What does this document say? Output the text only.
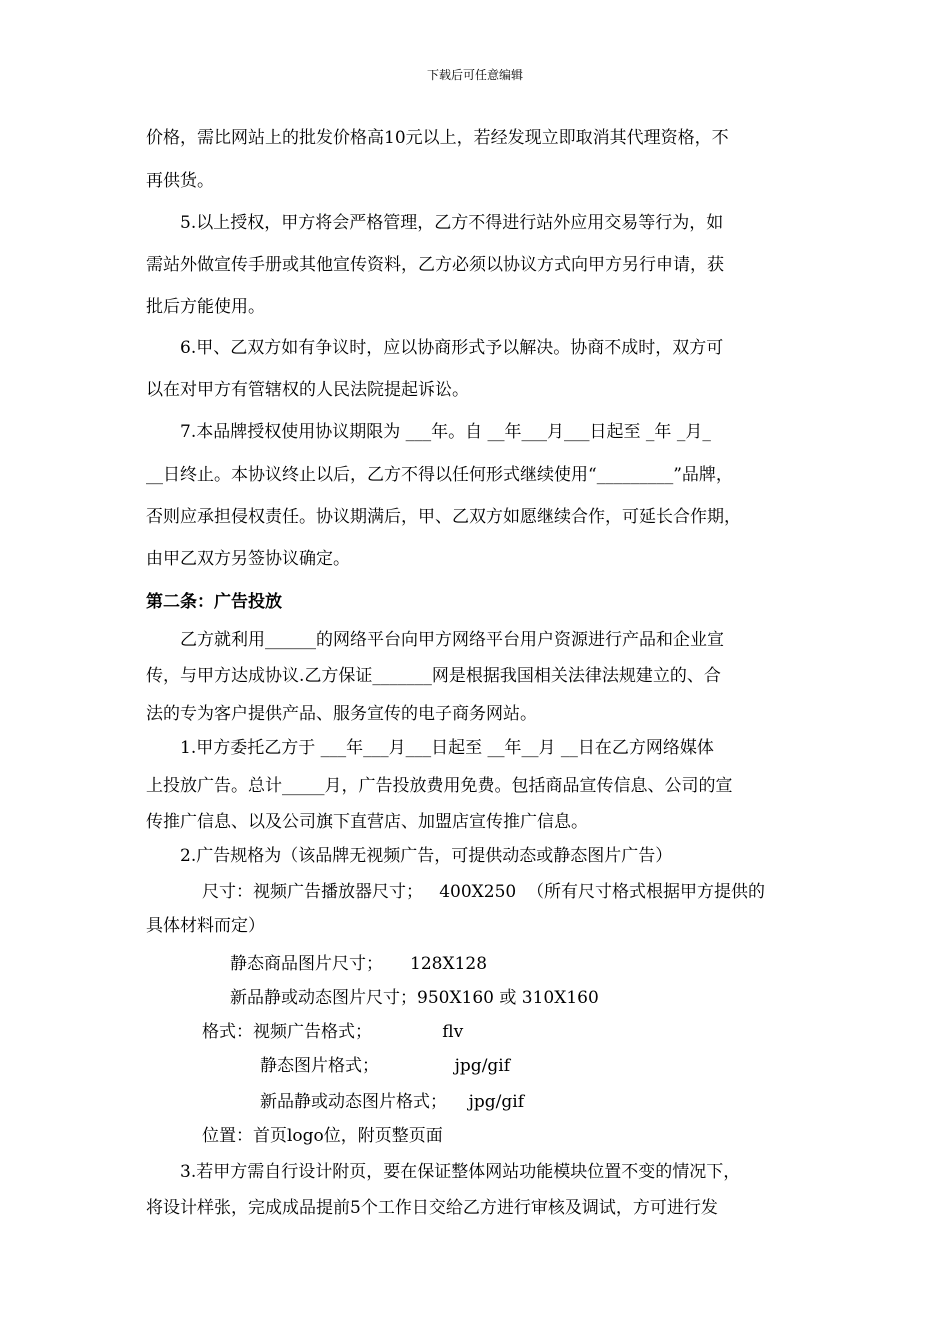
下载后可任意编辑
价格，需比网站上的批发价格高10元以上，若经发现立即取消其代理资格，不
再供货。
5.以上授权，甲方将会严格管理，乙方不得进行站外应用交易等行为，如
需站外做宣传手册或其他宣传资料，乙方必须以协议方式向甲方另行申请，获
批后方能使用。
6.甲、乙双方如有争议时，应以协商形式予以解决。协商不成时，双方可
以在对甲方有管辖权的人民法院提起诉讼。
7.本品牌授权使用协议期限为 ___年。自 __年___月___日起至 _年 _月_
__日终止。本协议终止以后，乙方不得以任何形式继续使用“_________”品牌，
否则应承担侵权责任。协议期满后，甲、乙双方如愿继续合作，可延长合作期，
由甲乙双方另签协议确定。
第二条：广告投放
乙方就利用______的网络平台向甲方网络平台用户资源进行产品和企业宣
传，与甲方达成协议.乙方保证_______网是根据我国相关法律法规建立的、合
法的专为客户提供产品、服务宣传的电子商务网站。
1.甲方委托乙方于 ___年___月___日起至 __年__月 __日在乙方网络媒体
上投放广告。总计_____月，广告投放费用免费。包括商品宣传信息、公司的宣
传推广信息、以及公司旗下直营店、加盟店宣传推广信息。
2.广告规格为（该品牌无视频广告，可提供动态或静态图片广告）
尺寸：视频广告播放器尺寸；   400X250  （所有尺寸格式根据甲方提供的
具体材料而定）
静态商品图片尺寸；     128X128
新品静或动态图片尺寸；950X160 或 310X160
格式：视频广告格式；             flv
静态图片格式；              jpg/gif
新品静或动态图片格式；    jpg/gif
位置：首页logo位，附页整页面
3.若甲方需自行设计附页，要在保证整体网站功能模块位置不变的情况下，
将设计样张，完成成品提前5个工作日交给乙方进行审核及调试，方可进行发
